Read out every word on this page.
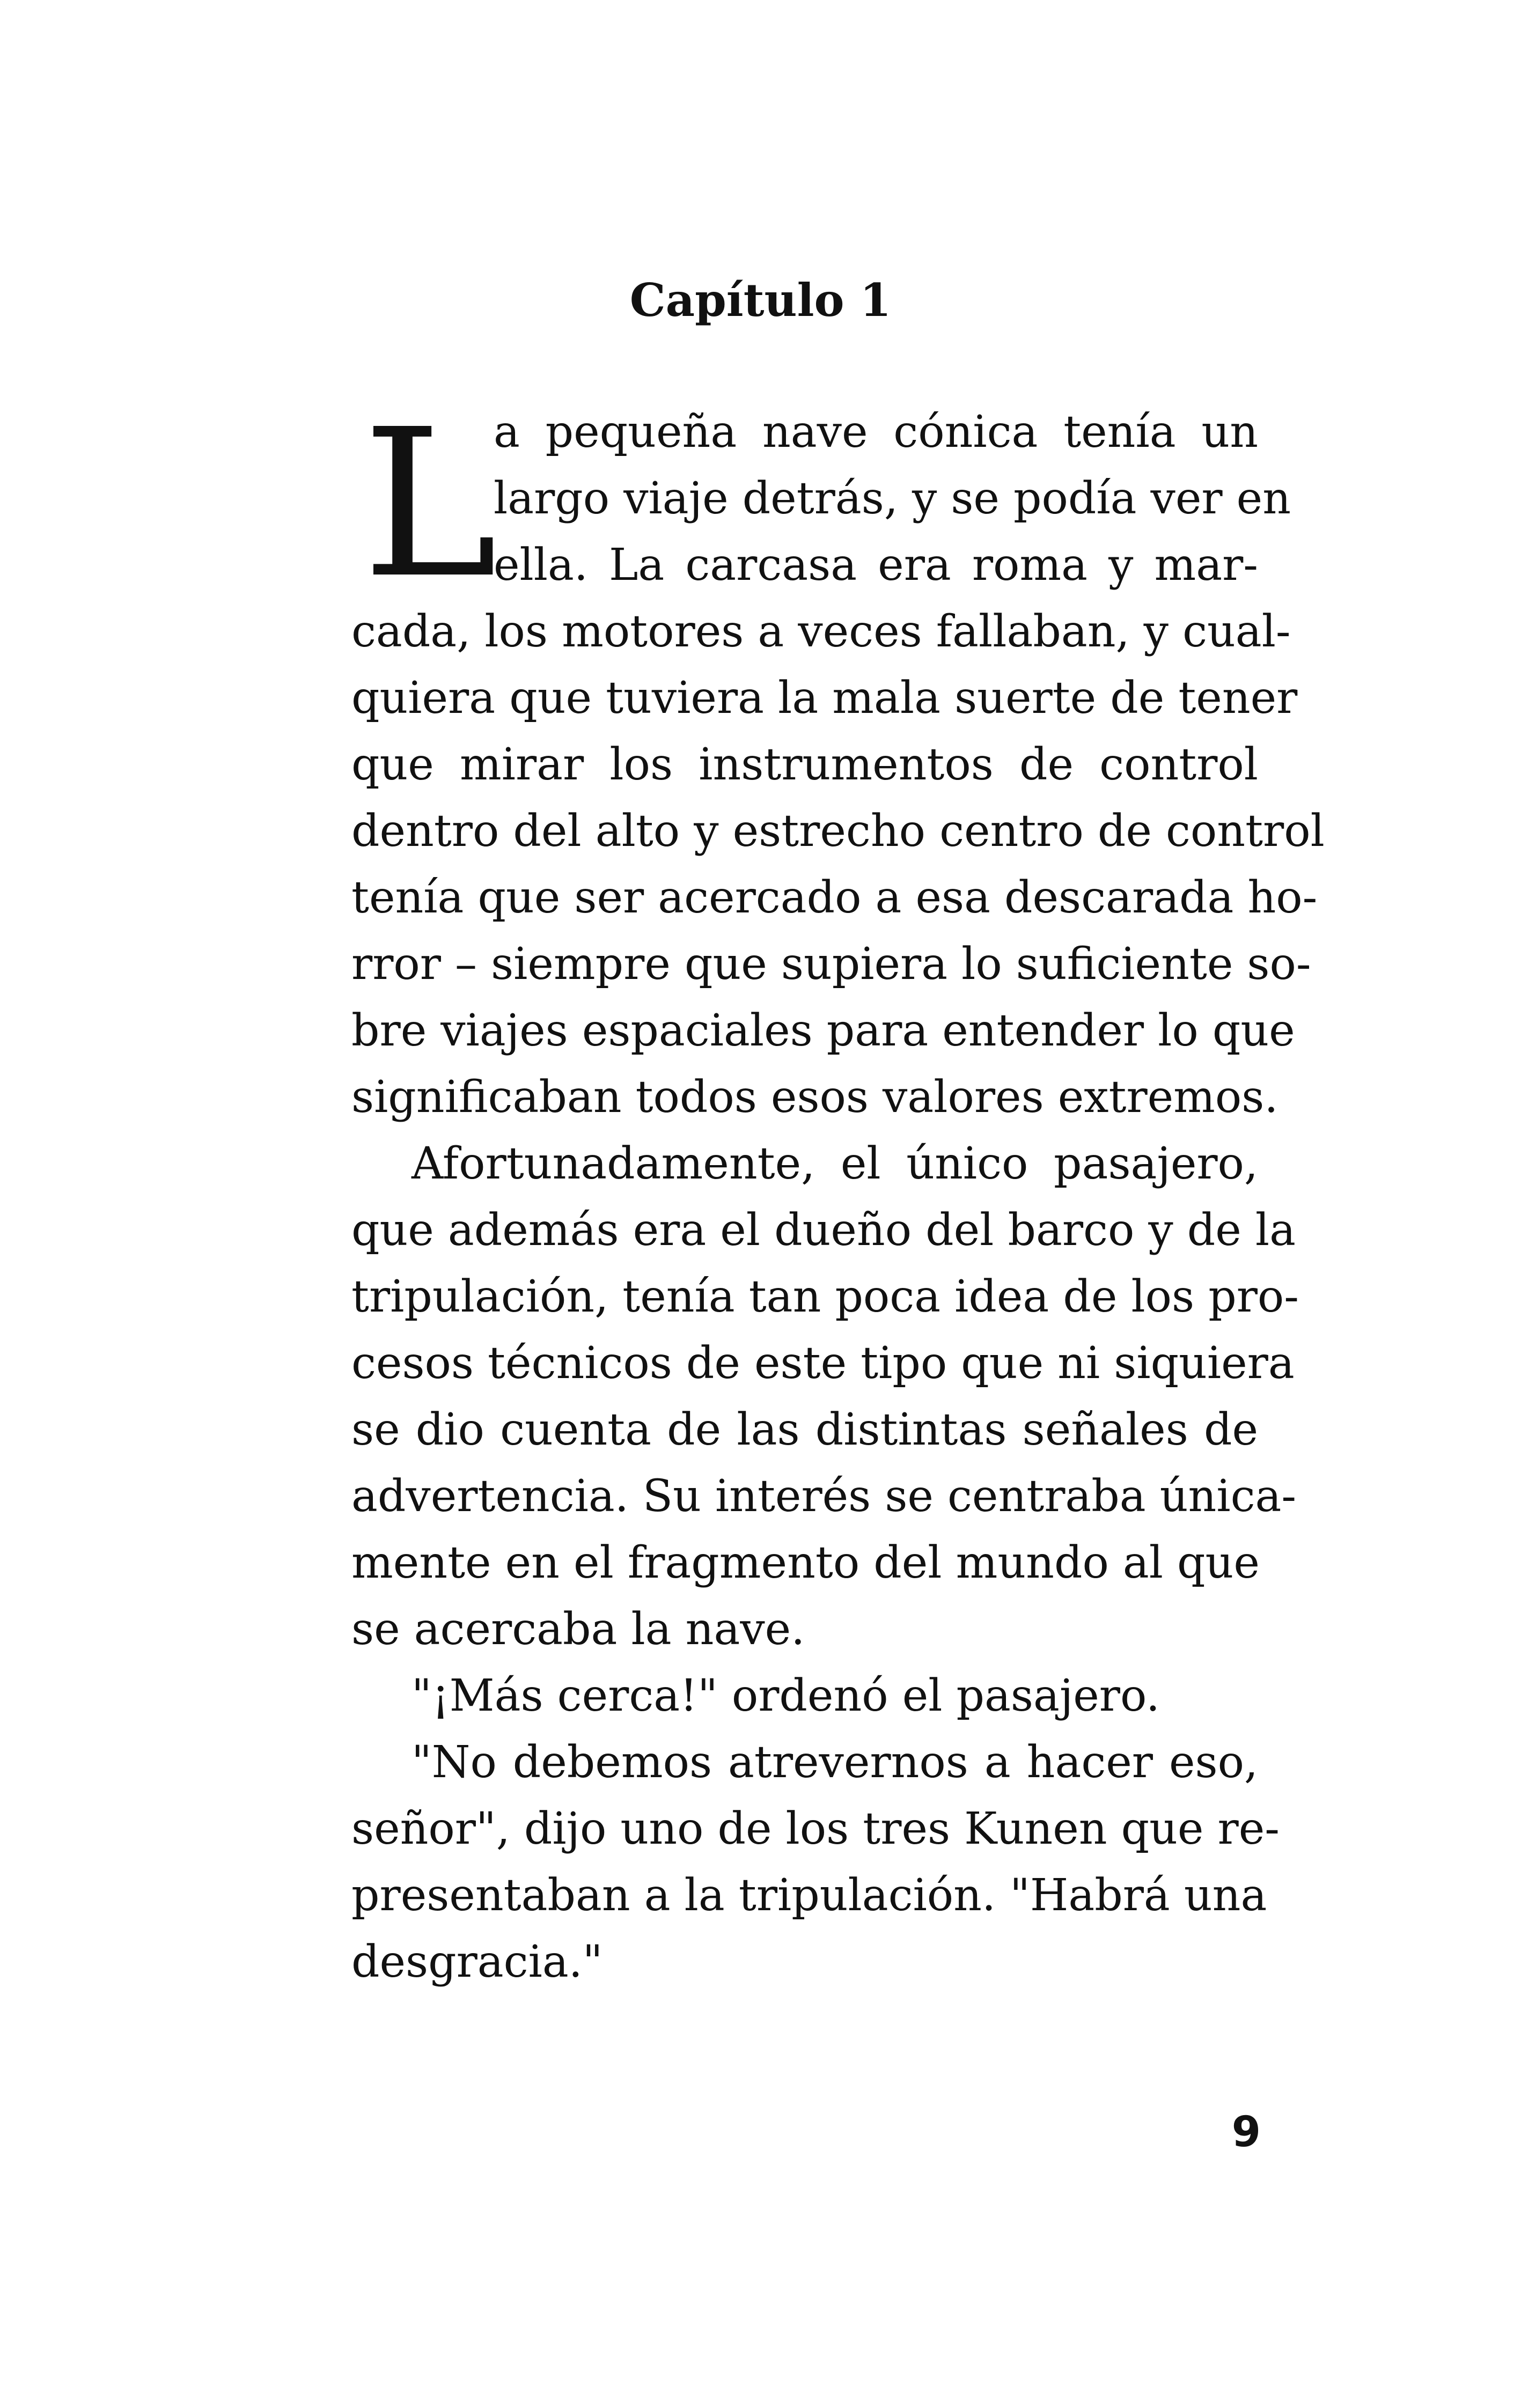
Capítulo 1
L
a pequeña nave cónica tenía un
largo viaje detrás, y se podía ver en
ella. La carcasa era roma y mar-
cada, los motores a veces fallaban, y cual-
quiera que tuviera la mala suerte de tener
que mirar los instrumentos de control
dentro del alto y estrecho centro de control
tenía que ser acercado a esa descarada ho-
rror – siempre que supiera lo suficiente so-
bre viajes espaciales para entender lo que
significaban todos esos valores extremos.
Afortunadamente, el único pasajero,
que además era el dueño del barco y de la
tripulación, tenía tan poca idea de los pro-
cesos técnicos de este tipo que ni siquiera
se dio cuenta de las distintas señales de
advertencia. Su interés se centraba única-
mente en el fragmento del mundo al que
se acercaba la nave.
"¡Más cerca!" ordenó el pasajero.
"No debemos atrevernos a hacer eso,
señor", dijo uno de los tres Kunen que re-
presentaban a la tripulación. "Habrá una
desgracia."
9
